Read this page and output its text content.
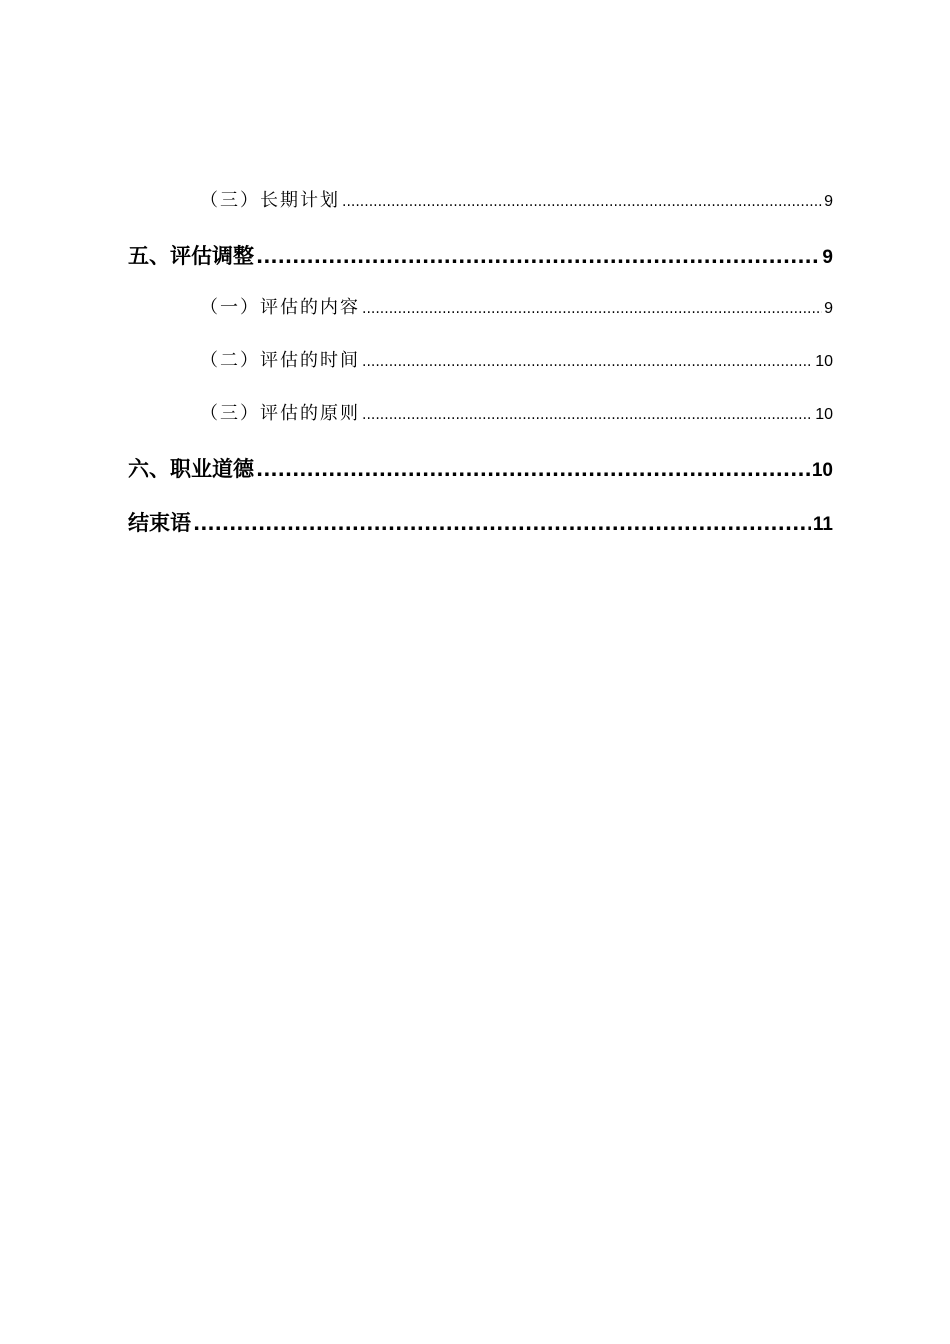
（三）长期计划 .....	9
五、评估调整 .....	9
（一）评估的内容 .....	9
（二）评估的时间 .....	10
（三）评估的原则 .....	10
六、职业道德 .....	10
结束语 .....	11
